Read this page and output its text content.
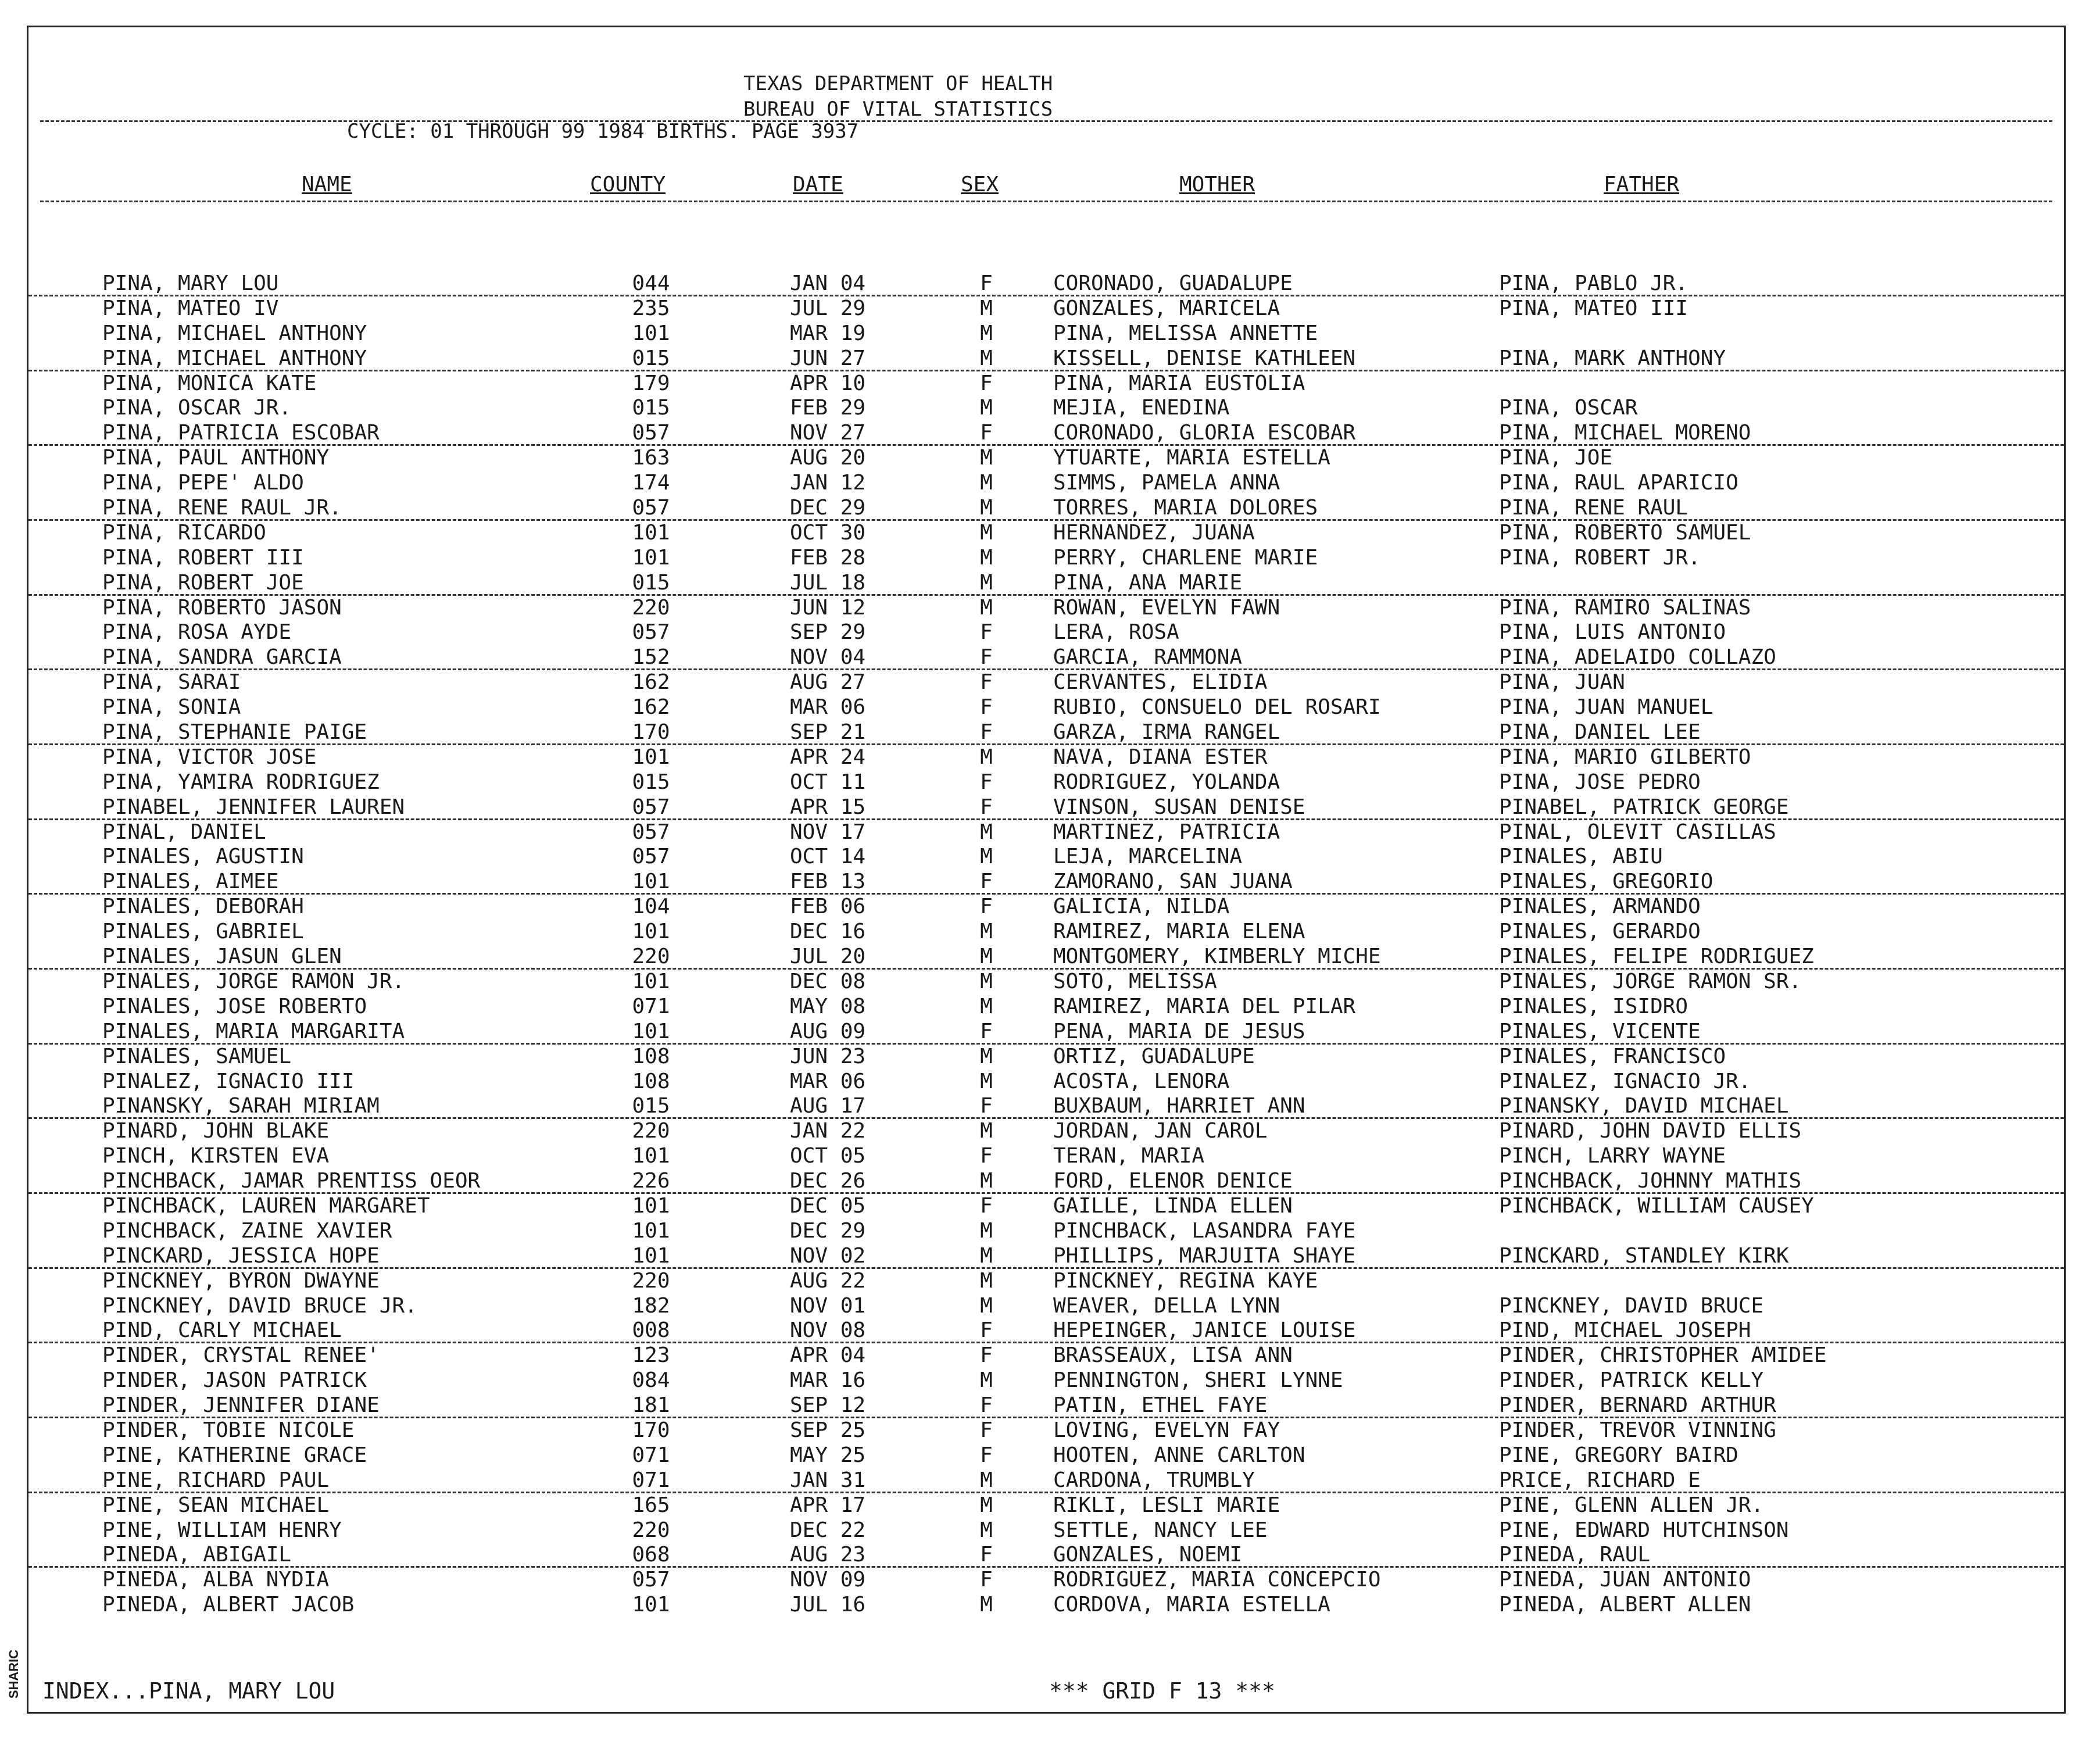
TEXAS DEPARTMENT OF HEALTH
BUREAU OF VITAL STATISTICS
CYCLE: 01 THROUGH 99 1984 BIRTHS. PAGE 3937
NAME	COUNTY	DATE	SEX	MOTHER	FATHER
PINA, MARY LOU	044	JAN 04	F	CORONADO, GUADALUPE	PINA, PABLO JR.
PINA, MATEO IV	235	JUL 29	M	GONZALES, MARICELA	PINA, MATEO III
PINA, MICHAEL ANTHONY	101	MAR 19	M	PINA, MELISSA ANNETTE
PINA, MICHAEL ANTHONY	015	JUN 27	M	KISSELL, DENISE KATHLEEN	PINA, MARK ANTHONY
PINA, MONICA KATE	179	APR 10	F	PINA, MARIA EUSTOLIA
PINA, OSCAR JR.	015	FEB 29	M	MEJIA, ENEDINA	PINA, OSCAR
PINA, PATRICIA ESCOBAR	057	NOV 27	F	CORONADO, GLORIA ESCOBAR	PINA, MICHAEL MORENO
PINA, PAUL ANTHONY	163	AUG 20	M	YTUARTE, MARIA ESTELLA	PINA, JOE
PINA, PEPE' ALDO	174	JAN 12	M	SIMMS, PAMELA ANNA	PINA, RAUL APARICIO
PINA, RENE RAUL JR.	057	DEC 29	M	TORRES, MARIA DOLORES	PINA, RENE RAUL
PINA, RICARDO	101	OCT 30	M	HERNANDEZ, JUANA	PINA, ROBERTO SAMUEL
PINA, ROBERT III	101	FEB 28	M	PERRY, CHARLENE MARIE	PINA, ROBERT JR.
PINA, ROBERT JOE	015	JUL 18	M	PINA, ANA MARIE
PINA, ROBERTO JASON	220	JUN 12	M	ROWAN, EVELYN FAWN	PINA, RAMIRO SALINAS
PINA, ROSA AYDE	057	SEP 29	F	LERA, ROSA	PINA, LUIS ANTONIO
PINA, SANDRA GARCIA	152	NOV 04	F	GARCIA, RAMMONA	PINA, ADELAIDO COLLAZO
PINA, SARAI	162	AUG 27	F	CERVANTES, ELIDIA	PINA, JUAN
PINA, SONIA	162	MAR 06	F	RUBIO, CONSUELO DEL ROSARI	PINA, JUAN MANUEL
PINA, STEPHANIE PAIGE	170	SEP 21	F	GARZA, IRMA RANGEL	PINA, DANIEL LEE
PINA, VICTOR JOSE	101	APR 24	M	NAVA, DIANA ESTER	PINA, MARIO GILBERTO
PINA, YAMIRA RODRIGUEZ	015	OCT 11	F	RODRIGUEZ, YOLANDA	PINA, JOSE PEDRO
PINABEL, JENNIFER LAUREN	057	APR 15	F	VINSON, SUSAN DENISE	PINABEL, PATRICK GEORGE
PINAL, DANIEL	057	NOV 17	M	MARTINEZ, PATRICIA	PINAL, OLEVIT CASILLAS
PINALES, AGUSTIN	057	OCT 14	M	LEJA, MARCELINA	PINALES, ABIU
PINALES, AIMEE	101	FEB 13	F	ZAMORANO, SAN JUANA	PINALES, GREGORIO
PINALES, DEBORAH	104	FEB 06	F	GALICIA, NILDA	PINALES, ARMANDO
PINALES, GABRIEL	101	DEC 16	M	RAMIREZ, MARIA ELENA	PINALES, GERARDO
PINALES, JASUN GLEN	220	JUL 20	M	MONTGOMERY, KIMBERLY MICHE	PINALES, FELIPE RODRIGUEZ
PINALES, JORGE RAMON JR.	101	DEC 08	M	SOTO, MELISSA	PINALES, JORGE RAMON SR.
PINALES, JOSE ROBERTO	071	MAY 08	M	RAMIREZ, MARIA DEL PILAR	PINALES, ISIDRO
PINALES, MARIA MARGARITA	101	AUG 09	F	PENA, MARIA DE JESUS	PINALES, VICENTE
PINALES, SAMUEL	108	JUN 23	M	ORTIZ, GUADALUPE	PINALES, FRANCISCO
PINALEZ, IGNACIO III	108	MAR 06	M	ACOSTA, LENORA	PINALEZ, IGNACIO JR.
PINANSKY, SARAH MIRIAM	015	AUG 17	F	BUXBAUM, HARRIET ANN	PINANSKY, DAVID MICHAEL
PINARD, JOHN BLAKE	220	JAN 22	M	JORDAN, JAN CAROL	PINARD, JOHN DAVID ELLIS
PINCH, KIRSTEN EVA	101	OCT 05	F	TERAN, MARIA	PINCH, LARRY WAYNE
PINCHBACK, JAMAR PRENTISS OEOR	226	DEC 26	M	FORD, ELENOR DENICE	PINCHBACK, JOHNNY MATHIS
PINCHBACK, LAUREN MARGARET	101	DEC 05	F	GAILLE, LINDA ELLEN	PINCHBACK, WILLIAM CAUSEY
PINCHBACK, ZAINE XAVIER	101	DEC 29	M	PINCHBACK, LASANDRA FAYE
PINCKARD, JESSICA HOPE	101	NOV 02	M	PHILLIPS, MARJUITA SHAYE	PINCKARD, STANDLEY KIRK
PINCKNEY, BYRON DWAYNE	220	AUG 22	M	PINCKNEY, REGINA KAYE
PINCKNEY, DAVID BRUCE JR.	182	NOV 01	M	WEAVER, DELLA LYNN	PINCKNEY, DAVID BRUCE
PIND, CARLY MICHAEL	008	NOV 08	F	HEPEINGER, JANICE LOUISE	PIND, MICHAEL JOSEPH
PINDER, CRYSTAL RENEE'	123	APR 04	F	BRASSEAUX, LISA ANN	PINDER, CHRISTOPHER AMIDEE
PINDER, JASON PATRICK	084	MAR 16	M	PENNINGTON, SHERI LYNNE	PINDER, PATRICK KELLY
PINDER, JENNIFER DIANE	181	SEP 12	F	PATIN, ETHEL FAYE	PINDER, BERNARD ARTHUR
PINDER, TOBIE NICOLE	170	SEP 25	F	LOVING, EVELYN FAY	PINDER, TREVOR VINNING
PINE, KATHERINE GRACE	071	MAY 25	F	HOOTEN, ANNE CARLTON	PINE, GREGORY BAIRD
PINE, RICHARD PAUL	071	JAN 31	M	CARDONA, TRUMBLY	PRICE, RICHARD E
PINE, SEAN MICHAEL	165	APR 17	M	RIKLI, LESLI MARIE	PINE, GLENN ALLEN JR.
PINE, WILLIAM HENRY	220	DEC 22	M	SETTLE, NANCY LEE	PINE, EDWARD HUTCHINSON
PINEDA, ABIGAIL	068	AUG 23	F	GONZALES, NOEMI	PINEDA, RAUL
PINEDA, ALBA NYDIA	057	NOV 09	F	RODRIGUEZ, MARIA CONCEPCIO	PINEDA, JUAN ANTONIO
PINEDA, ALBERT JACOB	101	JUL 16	M	CORDOVA, MARIA ESTELLA	PINEDA, ALBERT ALLEN
INDEX...PINA, MARY LOU	*** GRID F 13 ***
SHARIC
